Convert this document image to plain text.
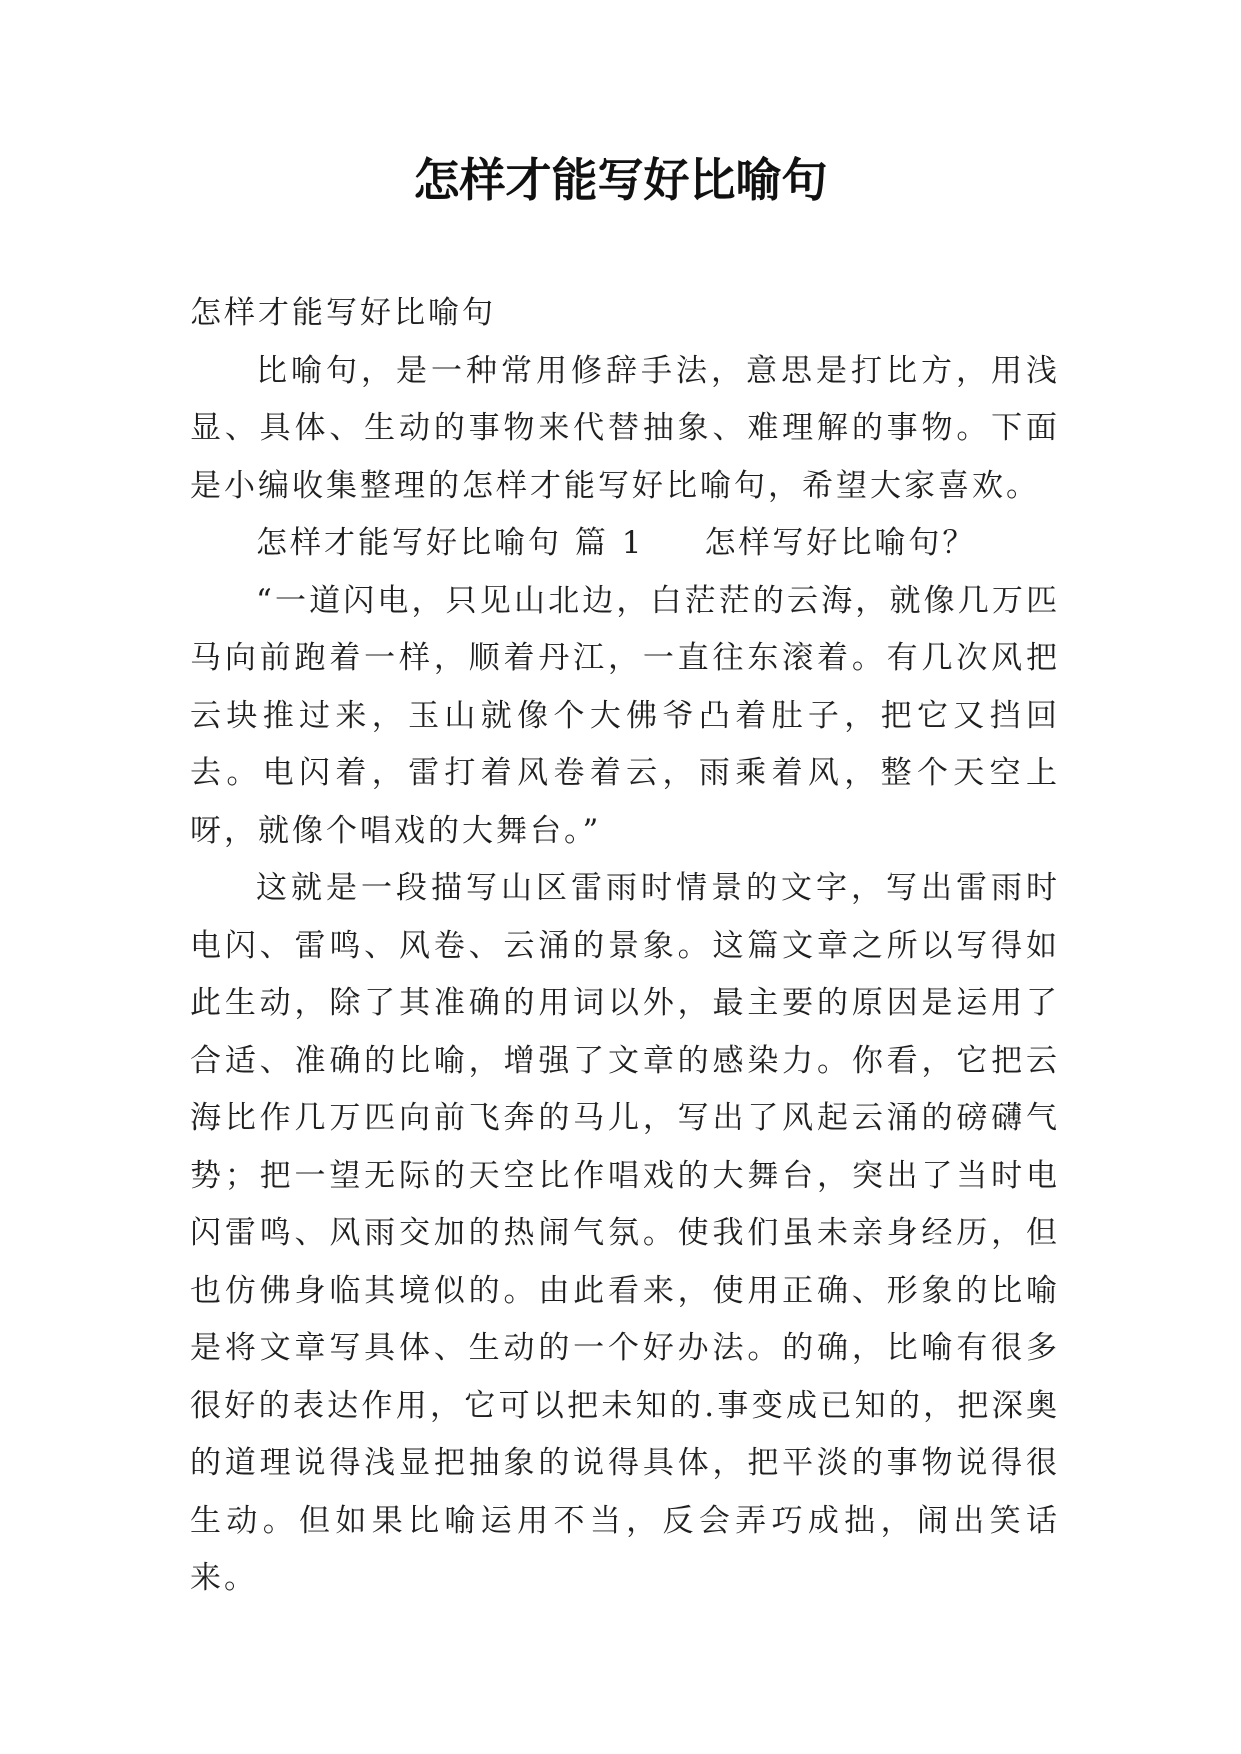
怎样才能写好比喻句

怎样才能写好比喻句

比喻句，是一种常用修辞手法，意思是打比方，用浅显、具体、生动的事物来代替抽象、难理解的事物。下面是小编收集整理的怎样才能写好比喻句，希望大家喜欢。

怎样才能写好比喻句 篇 1 怎样写好比喻句？

“一道闪电，只见山北边，白茫茫的云海，就像几万匹马向前跑着一样，顺着丹江，一直往东滚着。有几次风把云块推过来，玉山就像个大佛爷凸着肚子，把它又挡回去。电闪着，雷打着风卷着云，雨乘着风，整个天空上呀，就像个唱戏的大舞台。”

这就是一段描写山区雷雨时情景的文字，写出雷雨时电闪、雷鸣、风卷、云涌的景象。这篇文章之所以写得如此生动，除了其准确的用词以外，最主要的原因是运用了合适、准确的比喻，增强了文章的感染力。你看，它把云海比作几万匹向前飞奔的马儿，写出了风起云涌的磅礴气势；把一望无际的天空比作唱戏的大舞台，突出了当时电闪雷鸣、风雨交加的热闹气氛。使我们虽未亲身经历，但也仿佛身临其境似的。由此看来，使用正确、形象的比喻是将文章写具体、生动的一个好办法。的确，比喻有很多很好的表达作用，它可以把未知的.事变成已知的，把深奥的道理说得浅显把抽象的说得具体，把平淡的事物说得很生动。但如果比喻运用不当，反会弄巧成拙，闹出笑话来。
